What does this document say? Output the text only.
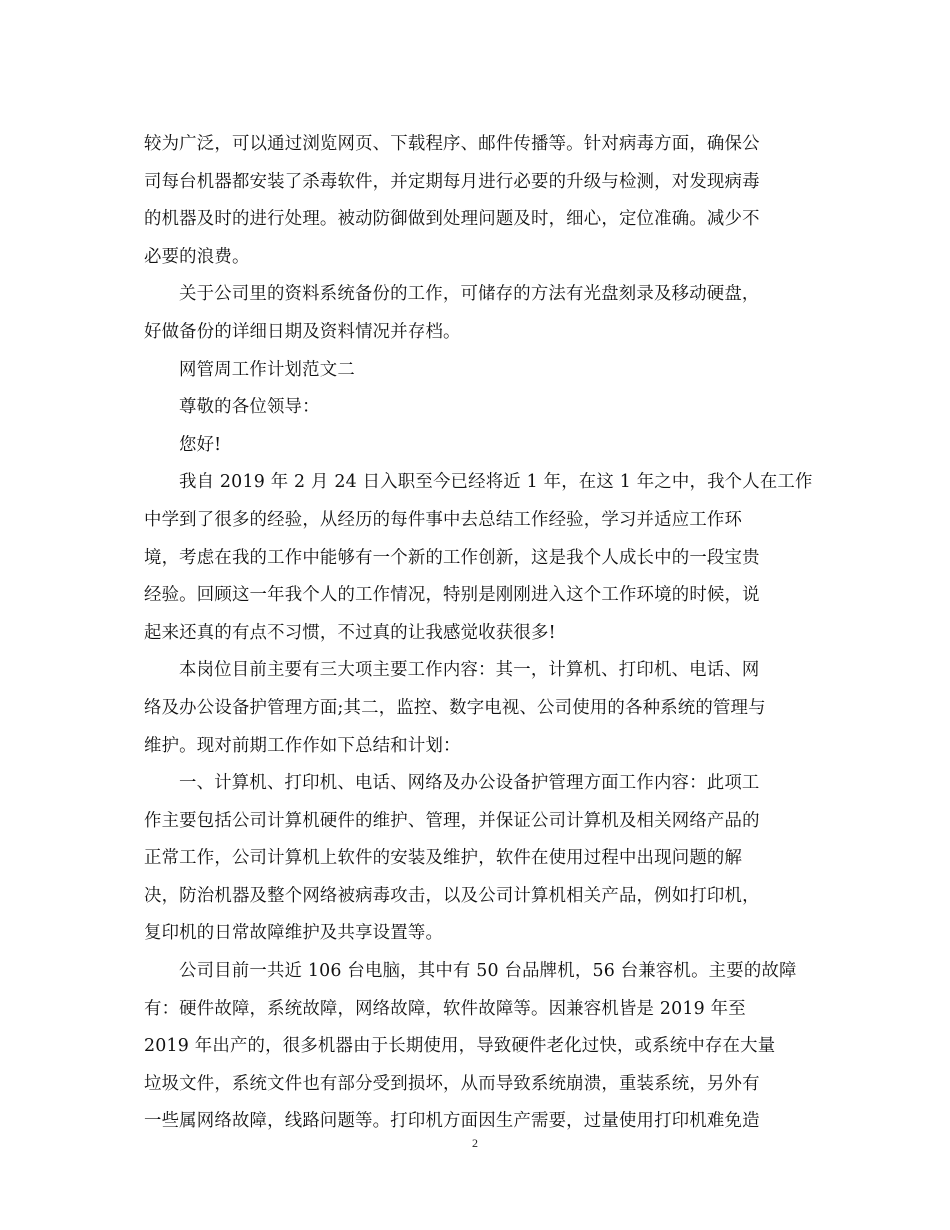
较为广泛，可以通过浏览网页、下载程序、邮件传播等。针对病毒方面，确保公
司每台机器都安装了杀毒软件，并定期每月进行必要的升级与检测，对发现病毒
的机器及时的进行处理。被动防御做到处理问题及时，细心，定位准确。减少不
必要的浪费。
关于公司里的资料系统备份的工作，可储存的方法有光盘刻录及移动硬盘，
好做备份的详细日期及资料情况并存档。
网管周工作计划范文二
尊敬的各位领导：
您好!
我自 2019 年 2 月 24 日入职至今已经将近 1 年，在这 1 年之中，我个人在工作
中学到了很多的经验，从经历的每件事中去总结工作经验，学习并适应工作环
境，考虑在我的工作中能够有一个新的工作创新，这是我个人成长中的一段宝贵
经验。回顾这一年我个人的工作情况，特别是刚刚进入这个工作环境的时候，说
起来还真的有点不习惯，不过真的让我感觉收获很多!
本岗位目前主要有三大项主要工作内容：其一，计算机、打印机、电话、网
络及办公设备护管理方面;其二，监控、数字电视、公司使用的各种系统的管理与
维护。现对前期工作作如下总结和计划：
一、计算机、打印机、电话、网络及办公设备护管理方面工作内容：此项工
作主要包括公司计算机硬件的维护、管理，并保证公司计算机及相关网络产品的
正常工作，公司计算机上软件的安装及维护，软件在使用过程中出现问题的解
决，防治机器及整个网络被病毒攻击，以及公司计算机相关产品，例如打印机，
复印机的日常故障维护及共享设置等。
公司目前一共近 106 台电脑，其中有 50 台品牌机，56 台兼容机。主要的故障
有：硬件故障，系统故障，网络故障，软件故障等。因兼容机皆是 2019 年至
2019 年出产的，很多机器由于长期使用，导致硬件老化过快，或系统中存在大量
垃圾文件，系统文件也有部分受到损坏，从而导致系统崩溃，重装系统，另外有
一些属网络故障，线路问题等。打印机方面因生产需要，过量使用打印机难免造
2
